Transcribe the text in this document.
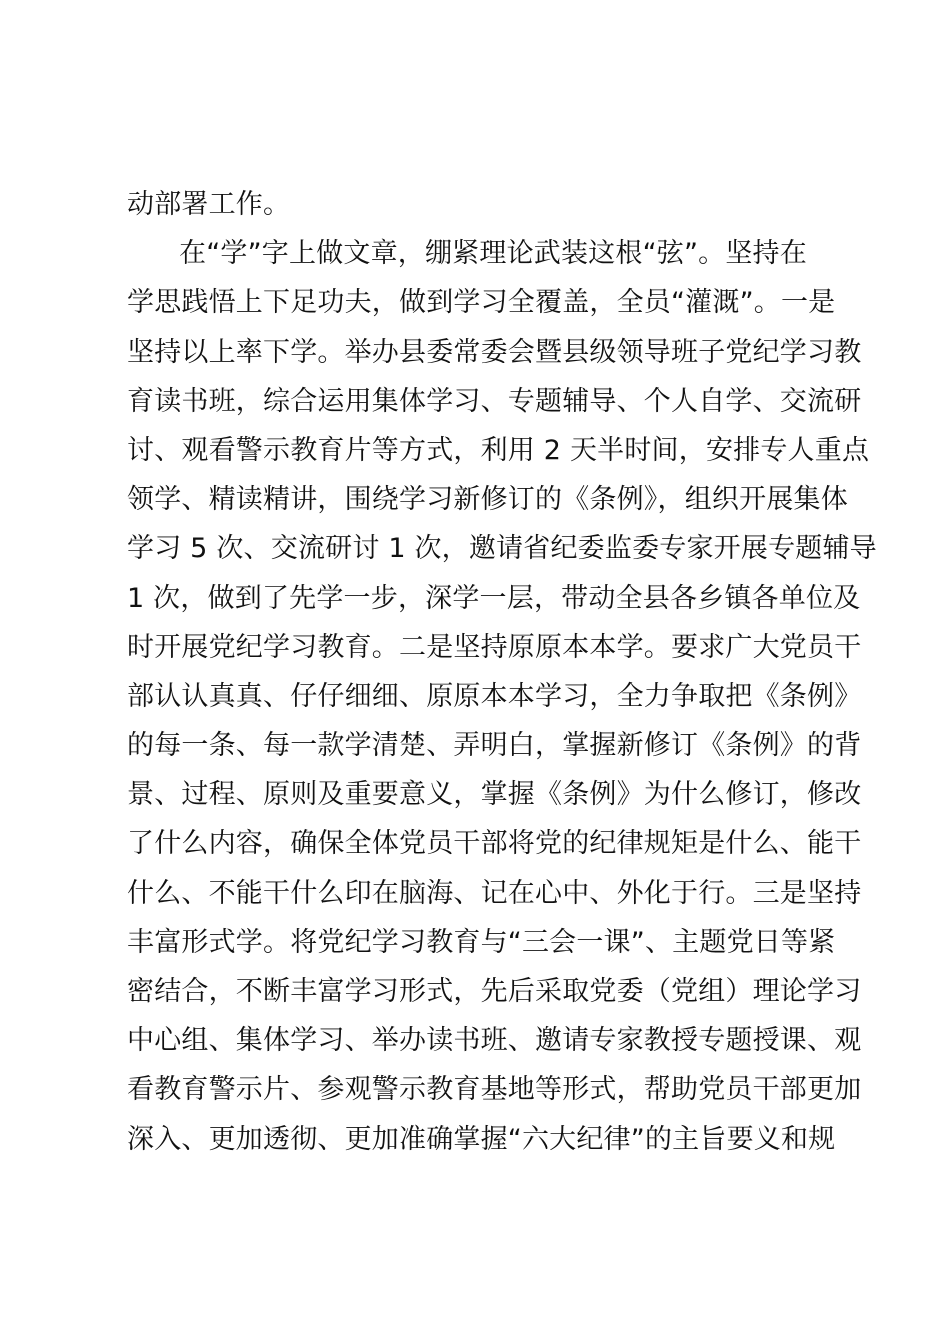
动部署工作。
在“学”字上做文章，绷紧理论武装这根“弦”。坚持在
学思践悟上下足功夫，做到学习全覆盖，全员“灌溉”。一是
坚持以上率下学。举办县委常委会暨县级领导班子党纪学习教
育读书班，综合运用集体学习、专题辅导、个人自学、交流研
讨、观看警示教育片等方式，利用 2 天半时间，安排专人重点
领学、精读精讲，围绕学习新修订的《条例》，组织开展集体
学习 5 次、交流研讨 1 次，邀请省纪委监委专家开展专题辅导
1 次，做到了先学一步，深学一层，带动全县各乡镇各单位及
时开展党纪学习教育。二是坚持原原本本学。要求广大党员干
部认认真真、仔仔细细、原原本本学习，全力争取把《条例》
的每一条、每一款学清楚、弄明白，掌握新修订《条例》的背
景、过程、原则及重要意义，掌握《条例》为什么修订，修改
了什么内容，确保全体党员干部将党的纪律规矩是什么、能干
什么、不能干什么印在脑海、记在心中、外化于行。三是坚持
丰富形式学。将党纪学习教育与“三会一课”、主题党日等紧
密结合，不断丰富学习形式，先后采取党委（党组）理论学习
中心组、集体学习、举办读书班、邀请专家教授专题授课、观
看教育警示片、参观警示教育基地等形式，帮助党员干部更加
深入、更加透彻、更加准确掌握“六大纪律”的主旨要义和规
